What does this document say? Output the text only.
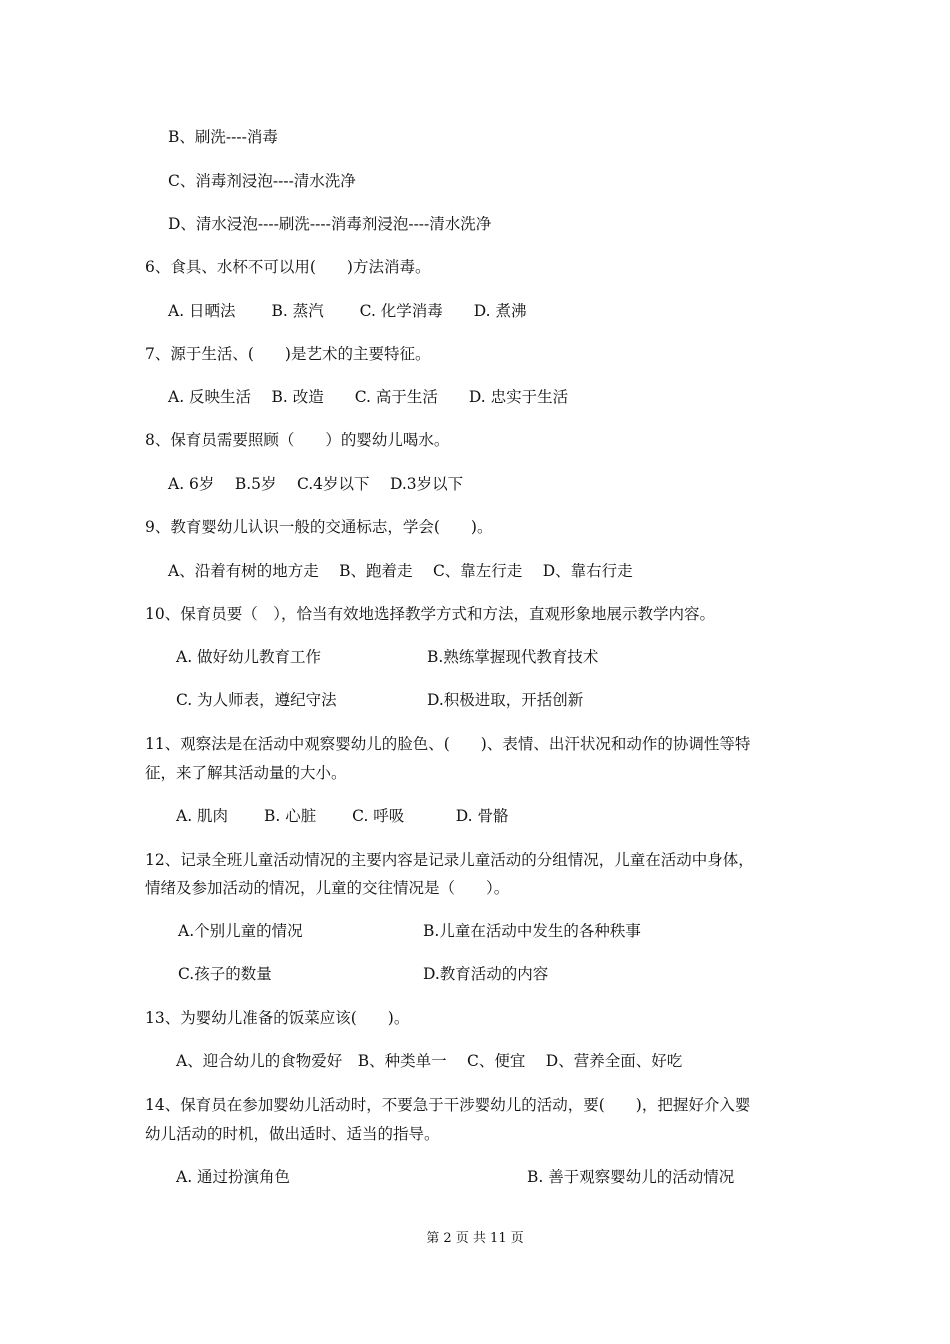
B、刷洗----消毒
C、消毒剂浸泡----清水洗净
D、清水浸泡----刷洗----消毒剂浸泡----清水洗净
6、食具、水杯不可以用(　　)方法消毒。
A. 日晒法　　 B. 蒸汽　　 C. 化学消毒　　D. 煮沸
7、源于生活、(　　)是艺术的主要特征。
A. 反映生活　 B. 改造　　C. 高于生活　　D. 忠实于生活
8、保育员需要照顾（　　）的婴幼儿喝水。
A. 6岁　 B.5岁　 C.4岁以下　 D.3岁以下
9、教育婴幼儿认识一般的交通标志，学会(　　)。
A、沿着有树的地方走　 B、跑着走　 C、靠左行走　 D、靠右行走
10、保育员要（　），恰当有效地选择教学方式和方法，直观形象地展示教学内容。
A. 做好幼儿教育工作	B.熟练掌握现代教育技术
C. 为人师表，遵纪守法	D.积极进取，开括创新
11、观察法是在活动中观察婴幼儿的脸色、(　　)、表情、出汗状况和动作的协调性等特
征，来了解其活动量的大小。
A. 肌肉　　 B. 心脏　　 C. 呼吸　　　 D. 骨骼
12、记录全班儿童活动情况的主要内容是记录儿童活动的分组情况，儿童在活动中身体，
情绪及参加活动的情况，儿童的交往情况是（　　）。
A.个别儿童的情况	B.儿童在活动中发生的各种秩事
C.孩子的数量	D.教育活动的内容
13、为婴幼儿准备的饭菜应该(　　)。
A、迎合幼儿的食物爱好　B、种类单一　 C、便宜　 D、营养全面、好吃
14、保育员在参加婴幼儿活动时，不要急于干涉婴幼儿的活动，要(　　)，把握好介入婴
幼儿活动的时机，做出适时、适当的指导。
A. 通过扮演角色	B. 善于观察婴幼儿的活动情况
第 2 页 共 11 页
